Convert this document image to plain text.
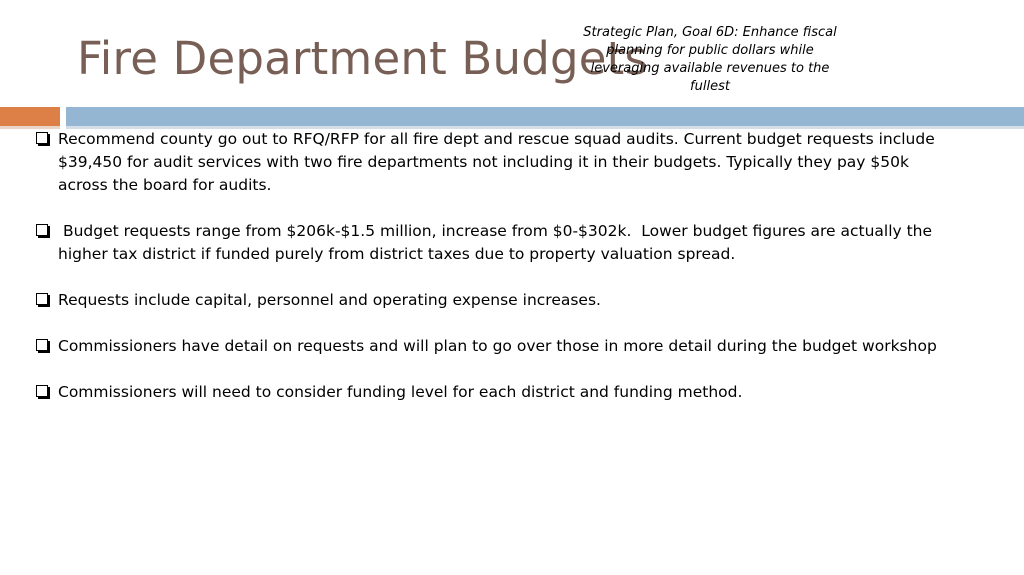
Fire Department Budgets
Strategic Plan, Goal 6D: Enhance fiscal planning for public dollars while leveraging available revenues to the fullest
Recommend county go out to RFQ/RFP for all fire dept and rescue squad audits. Current budget requests include $39,450 for audit services with two fire departments not including it in their budgets. Typically they pay $50k across the board for audits.
Budget requests range from $206k-$1.5 million, increase from $0-$302k.  Lower budget figures are actually the higher tax district if funded purely from district taxes due to property valuation spread.
Requests include capital, personnel and operating expense increases.
Commissioners have detail on requests and will plan to go over those in more detail during the budget workshop
Commissioners will need to consider funding level for each district and funding method.
